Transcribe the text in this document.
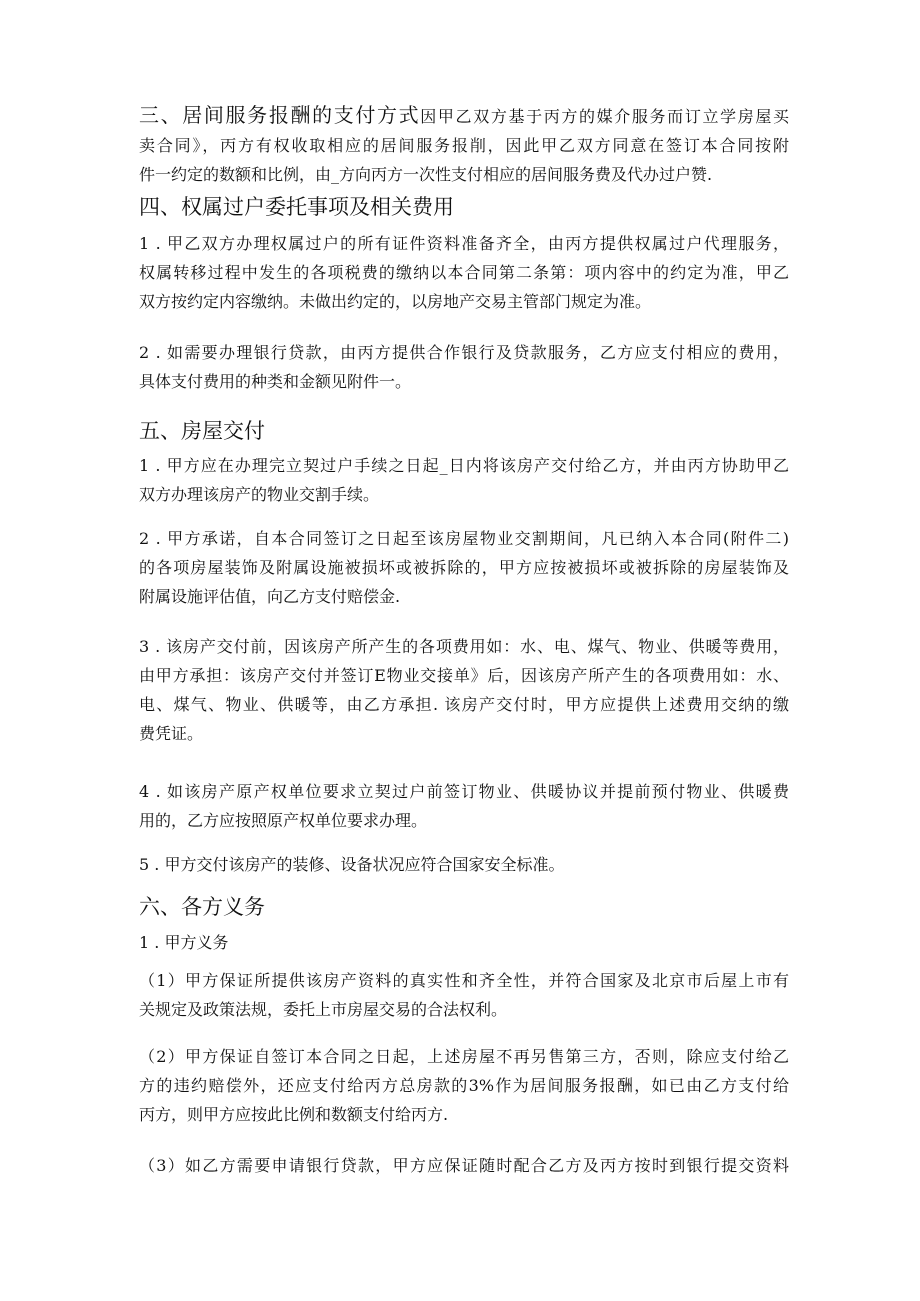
三、居间服务报酬的支付方式因甲乙双方基于丙方的媒介服务而订立学房屋买
卖合同》，丙方有权收取相应的居间服务报削，因此甲乙双方同意在签订本合同按附
件一约定的数额和比例，由_方向丙方一次性支付相应的居间服务费及代办过户赞.
四、权属过户委托事项及相关费用
1 . 甲乙双方办理权属过户的所有证件资料准备齐全，由丙方提供权属过户代理服务，
权属转移过程中发生的各项税费的缴纳以本合同第二条第：项内容中的约定为准，甲乙
双方按约定内容缴纳。未做出约定的，以房地产交易主管部门规定为准。
2 . 如需要办理银行贷款，由丙方提供合作银行及贷款服务，乙方应支付相应的费用，
具体支付费用的种类和金额见附件一。
五、房屋交付
1 . 甲方应在办理完立契过户手续之日起_日内将该房产交付给乙方，并由丙方协助甲乙
双方办理该房产的物业交割手续。
2 . 甲方承诺，自本合同签订之日起至该房屋物业交割期间，凡已纳入本合同(附件二)
的各项房屋装饰及附属设施被损坏或被拆除的，甲方应按被损坏或被拆除的房屋装饰及
附属设施评估值，向乙方支付赔偿金.
3 . 该房产交付前，因该房产所产生的各项费用如：水、电、煤气、物业、供暖等费用，
由甲方承担：该房产交付并签订E物业交接单》后，因该房产所产生的各项费用如：水、
电、煤气、物业、供暖等，由乙方承担. 该房产交付时，甲方应提供上述费用交纳的缴
费凭证。
4 . 如该房产原产权单位要求立契过户前签订物业、供暖协议并提前预付物业、供暖费
用的，乙方应按照原产权单位要求办理。
5 . 甲方交付该房产的装修、设备状况应符合国家安全标准。
六、各方义务
1 . 甲方义务
（1）甲方保证所提供该房产资料的真实性和齐全性，并符合国家及北京市后屋上市有
关规定及政策法规，委托上市房屋交易的合法权利。
（2）甲方保证自签订本合同之日起，上述房屋不再另售第三方，否则，除应支付给乙
方的违约赔偿外，还应支付给丙方总房款的3%作为居间服务报酬，如已由乙方支付给
丙方，则甲方应按此比例和数额支付给丙方.
（3）如乙方需要申请银行贷款，甲方应保证随时配合乙方及丙方按时到银行提交资料
